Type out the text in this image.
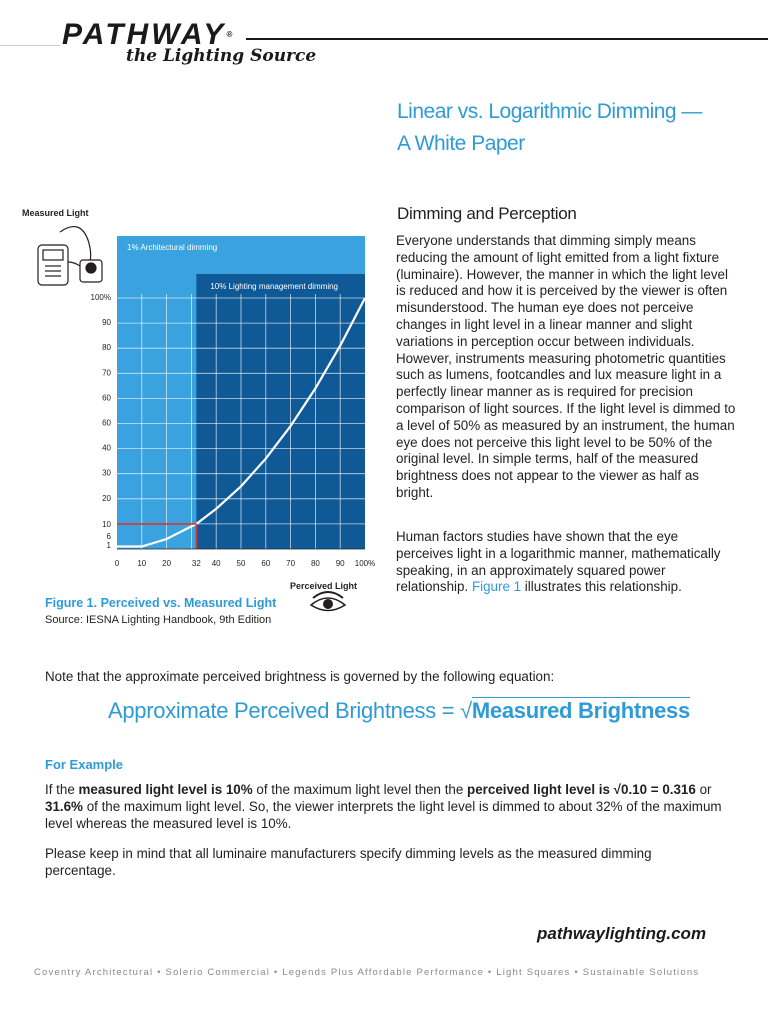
PATHWAY®
the Lighting Source
Linear vs. Logarithmic Dimming —
A White Paper
Dimming and Perception
Everyone understands that dimming simply means reducing the amount of light emitted from a light fixture (luminaire). However, the manner in which the light level is reduced and how it is perceived by the viewer is often misunderstood. The human eye does not perceive changes in light level in a linear manner and slight variations in perception occur between individuals. However, instruments measuring photometric quantities such as lumens, footcandles and lux measure light in a perfectly linear manner as is required for precision comparison of light sources. If the light level is dimmed to a level of 50% as measured by an instrument, the human eye does not perceive this light level to be 50% of the original level. In simple terms, half of the measured brightness does not appear to the viewer as half as bright.
Human factors studies have shown that the eye perceives light in a logarithmic manner, mathematically speaking, in an approximately squared power relationship. Figure 1 illustrates this relationship.
Measured Light
Perceived Light
1% Architectural dimming
10% Lighting management dimming
0 10 20	32 40 50 60 70 80 90 100%
1
6
10
20
30
40
60
60
70
80
90
100%
Figure 1. Perceived vs. Measured Light
Source: IESNA Lighting Handbook, 9th Edition
Note that the approximate perceived brightness is governed by the following equation:
Approximate Perceived Brightness = √Measured Brightness
For Example
If the measured light level is 10% of the maximum light level then the perceived light level is √0.10 = 0.316 or 31.6% of the maximum light level. So, the viewer interprets the light level is dimmed to about 32% of the maximum level whereas the measured level is 10%.
Please keep in mind that all luminaire manufacturers specify dimming levels as the measured dimming percentage.
pathwaylighting.com
Coventry Architectural • Solerio Commercial • Legends Plus Affordable Performance • Light Squares • Sustainable Solutions
